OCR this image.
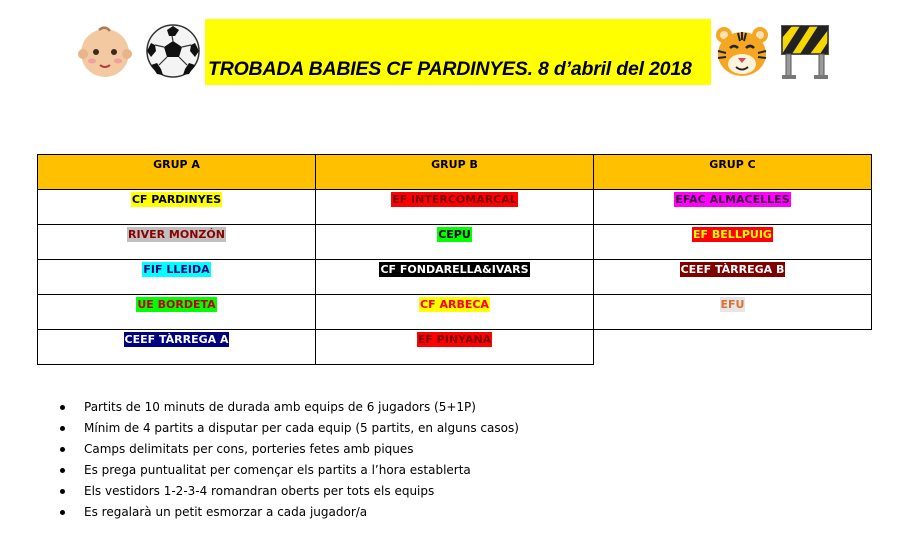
TROBADA BABIES CF PARDINYES. 8 d’abril del 2018
GRUP A	GRUP B	GRUP C

CF PARDINYES	EF INTERCOMARCAL	EFAC ALMACELLES

RIVER MONZÓN	CEPU	EF BELLPUIG

FIF LLEIDA	CF FONDARELLA&IVARS	CEEF TÀRREGA B

UE BORDETA	CF ARBECA	EFU

CEEF TÀRREGA A	EF PINYANA	

Partits de 10 minuts de durada amb equips de 6 jugadors (5+1P)
Mínim de 4 partits a disputar per cada equip (5 partits, en alguns casos)
Camps delimitats per cons, porteries fetes amb piques
Es prega puntualitat per començar els partits a l’hora establerta
Els vestidors 1-2-3-4 romandran oberts per tots els equips
Es regalarà un petit esmorzar a cada jugador/a
